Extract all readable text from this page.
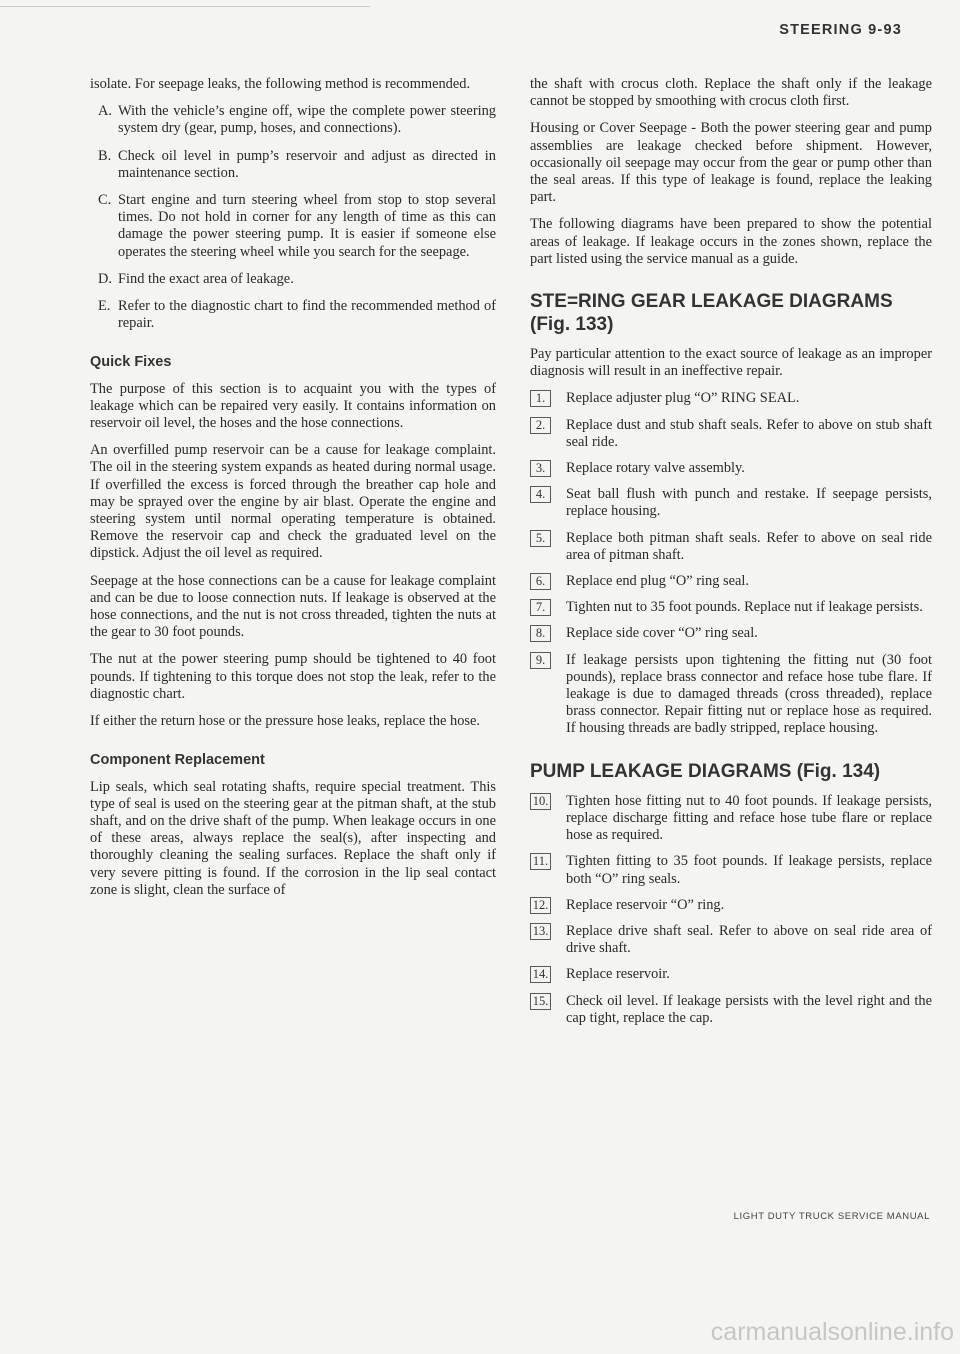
STEERING 9-93

isolate. For seepage leaks, the following method is recommended.

A. With the vehicle’s engine off, wipe the complete power steering system dry (gear, pump, hoses, and connections).
B. Check oil level in pump’s reservoir and adjust as directed in maintenance section.
C. Start engine and turn steering wheel from stop to stop several times. Do not hold in corner for any length of time as this can damage the power steering pump. It is easier if someone else operates the steering wheel while you search for the seepage.
D. Find the exact area of leakage.
E. Refer to the diagnostic chart to find the recommended method of repair.
Quick Fixes

The purpose of this section is to acquaint you with the types of leakage which can be repaired very easily. It contains information on reservoir oil level, the hoses and the hose connections.

An overfilled pump reservoir can be a cause for leakage complaint. The oil in the steering system expands as heated during normal usage. If overfilled the excess is forced through the breather cap hole and may be sprayed over the engine by air blast. Operate the engine and steering system until normal operating temperature is obtained. Remove the reservoir cap and check the graduated level on the dipstick. Adjust the oil level as required.

Seepage at the hose connections can be a cause for leakage complaint and can be due to loose connection nuts. If leakage is observed at the hose connections, and the nut is not cross threaded, tighten the nuts at the gear to 30 foot pounds.

The nut at the power steering pump should be tightened to 40 foot pounds. If tightening to this torque does not stop the leak, refer to the diagnostic chart.

If either the return hose or the pressure hose leaks, replace the hose.

Component Replacement

Lip seals, which seal rotating shafts, require special treatment. This type of seal is used on the steering gear at the pitman shaft, at the stub shaft, and on the drive shaft of the pump. When leakage occurs in one of these areas, always replace the seal(s), after inspecting and thoroughly cleaning the sealing surfaces. Replace the shaft only if very severe pitting is found. If the corrosion in the lip seal contact zone is slight, clean the surface of

the shaft with crocus cloth. Replace the shaft only if the leakage cannot be stopped by smoothing with crocus cloth first.

Housing or Cover Seepage - Both the power steering gear and pump assemblies are leakage checked before shipment. However, occasionally oil seepage may occur from the gear or pump other than the seal areas. If this type of leakage is found, replace the leaking part.

The following diagrams have been prepared to show the potential areas of leakage. If leakage occurs in the zones shown, replace the part listed using the service manual as a guide.

STE=RING GEAR LEAKAGE DIAGRAMS (Fig. 133)

Pay particular attention to the exact source of leakage as an improper diagnosis will result in an ineffective repair.

1.	Replace adjuster plug “O” RING SEAL.
2.	Replace dust and stub shaft seals. Refer to above on stub shaft seal ride.
3.	Replace rotary valve assembly.
4.	Seat ball flush with punch and restake. If seepage persists, replace housing.
5.	Replace both pitman shaft seals. Refer to above on seal ride area of pitman shaft.
6.	Replace end plug “O” ring seal.
7.	Tighten nut to 35 foot pounds. Replace nut if leakage persists.
8.	Replace side cover “O” ring seal.
9.	If leakage persists upon tightening the fitting nut (30 foot pounds), replace brass connector and reface hose tube flare. If leakage is due to damaged threads (cross threaded), replace brass connector. Repair fitting nut or replace hose as required. If housing threads are badly stripped, replace housing.
PUMP LEAKAGE DIAGRAMS (Fig. 134)
10. Tighten hose fitting nut to 40 foot pounds. If leakage persists, replace discharge fitting and reface hose tube flare or replace hose as required.
11. Tighten fitting to 35 foot pounds. If leakage persists, replace both “O” ring seals.
12. Replace reservoir “O” ring.
13. Replace drive shaft seal. Refer to above on seal ride area of drive shaft.
14. Replace reservoir.
15. Check oil level. If leakage persists with the level right and the cap tight, replace the cap.
LIGHT DUTY TRUCK SERVICE MANUAL
carmanualsonline.info
